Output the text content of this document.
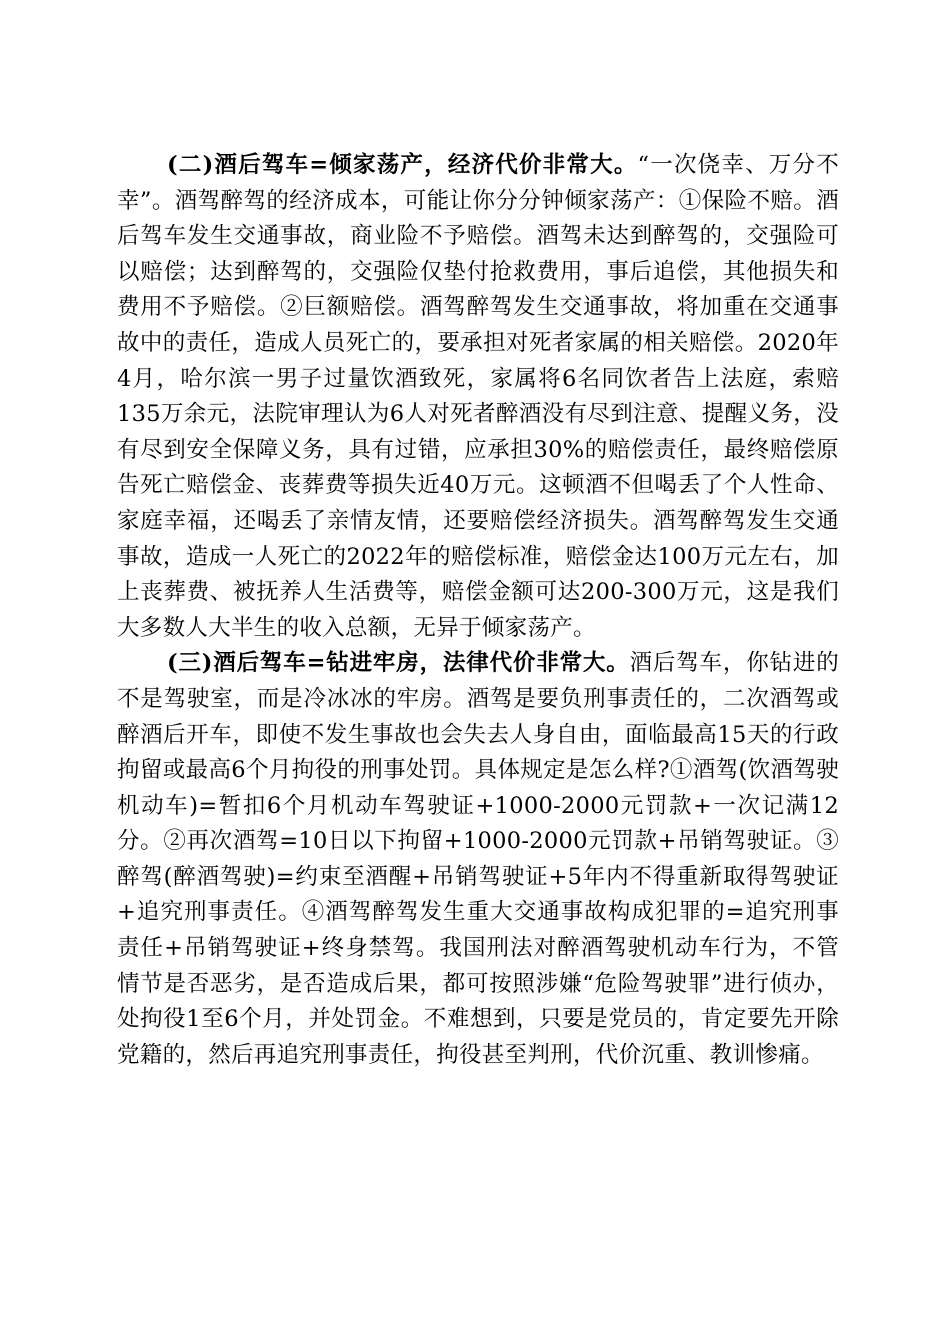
(二)酒后驾车=倾家荡产，经济代价非常大。“一次侥幸、万分不幸”。酒驾醉驾的经济成本，可能让你分分钟倾家荡产：①保险不赔。酒后驾车发生交通事故，商业险不予赔偿。酒驾未达到醉驾的，交强险可以赔偿；达到醉驾的，交强险仅垫付抢救费用，事后追偿，其他损失和费用不予赔偿。②巨额赔偿。酒驾醉驾发生交通事故，将加重在交通事故中的责任，造成人员死亡的，要承担对死者家属的相关赔偿。2020年4月，哈尔滨一男子过量饮酒致死，家属将6名同饮者告上法庭，索赔135万余元，法院审理认为6人对死者醉酒没有尽到注意、提醒义务，没有尽到安全保障义务，具有过错，应承担30%的赔偿责任，最终赔偿原告死亡赔偿金、丧葬费等损失近40万元。这顿酒不但喝丢了个人性命、家庭幸福，还喝丢了亲情友情，还要赔偿经济损失。酒驾醉驾发生交通事故，造成一人死亡的2022年的赔偿标准，赔偿金达100万元左右，加上丧葬费、被抚养人生活费等，赔偿金额可达200-300万元，这是我们大多数人大半生的收入总额，无异于倾家荡产。

(三)酒后驾车=钻进牢房，法律代价非常大。酒后驾车，你钻进的不是驾驶室，而是冷冰冰的牢房。酒驾是要负刑事责任的，二次酒驾或醉酒后开车，即使不发生事故也会失去人身自由，面临最高15天的行政拘留或最高6个月拘役的刑事处罚。具体规定是怎么样?①酒驾(饮酒驾驶机动车)=暂扣6个月机动车驾驶证+1000-2000元罚款+一次记满12分。②再次酒驾=10日以下拘留+1000-2000元罚款+吊销驾驶证。③醉驾(醉酒驾驶)=约束至酒醒+吊销驾驶证+5年内不得重新取得驾驶证+追究刑事责任。④酒驾醉驾发生重大交通事故构成犯罪的=追究刑事责任+吊销驾驶证+终身禁驾。我国刑法对醉酒驾驶机动车行为，不管情节是否恶劣，是否造成后果，都可按照涉嫌“危险驾驶罪”进行侦办，处拘役1至6个月，并处罚金。不难想到，只要是党员的，肯定要先开除党籍的，然后再追究刑事责任，拘役甚至判刑，代价沉重、教训惨痛。
